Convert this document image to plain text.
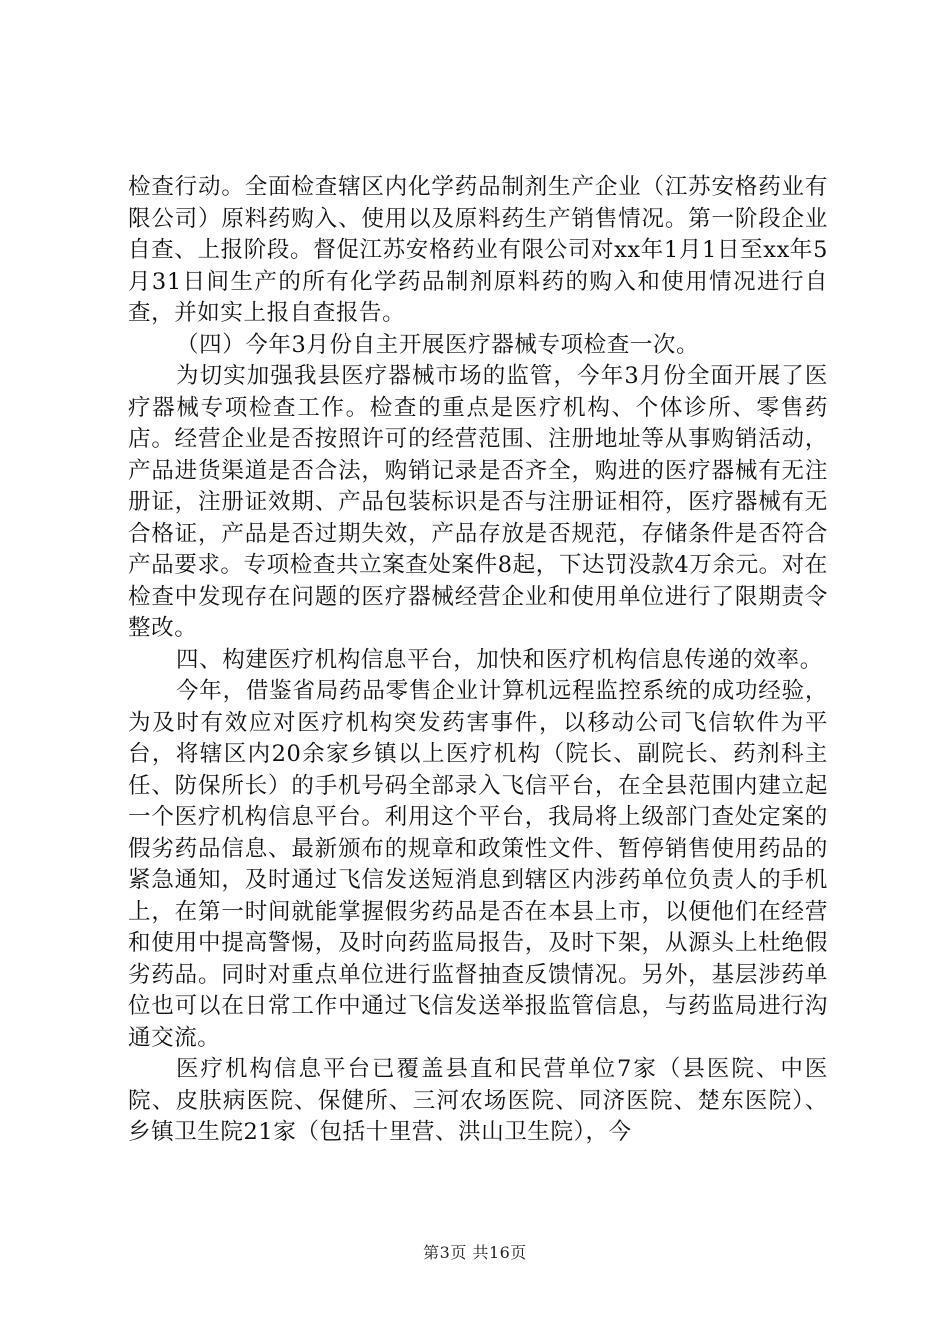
检查行动。全面检查辖区内化学药品制剂生产企业（江苏安格药业有限公司）原料药购入、使用以及原料药生产销售情况。第一阶段企业自查、上报阶段。督促江苏安格药业有限公司对xx年1月1日至xx年5月31日间生产的所有化学药品制剂原料药的购入和使用情况进行自查，并如实上报自查报告。

（四）今年3月份自主开展医疗器械专项检查一次。

为切实加强我县医疗器械市场的监管，今年3月份全面开展了医疗器械专项检查工作。检查的重点是医疗机构、个体诊所、零售药店。经营企业是否按照许可的经营范围、注册地址等从事购销活动，产品进货渠道是否合法，购销记录是否齐全，购进的医疗器械有无注册证，注册证效期、产品包装标识是否与注册证相符，医疗器械有无合格证，产品是否过期失效，产品存放是否规范，存储条件是否符合产品要求。专项检查共立案查处案件8起，下达罚没款4万余元。对在检查中发现存在问题的医疗器械经营企业和使用单位进行了限期责令整改。

四、构建医疗机构信息平台，加快和医疗机构信息传递的效率。

今年，借鉴省局药品零售企业计算机远程监控系统的成功经验，为及时有效应对医疗机构突发药害事件，以移动公司飞信软件为平台，将辖区内20余家乡镇以上医疗机构（院长、副院长、药剂科主任、防保所长）的手机号码全部录入飞信平台，在全县范围内建立起一个医疗机构信息平台。利用这个平台，我局将上级部门查处定案的假劣药品信息、最新颁布的规章和政策性文件、暂停销售使用药品的紧急通知，及时通过飞信发送短消息到辖区内涉药单位负责人的手机上，在第一时间就能掌握假劣药品是否在本县上市，以便他们在经营和使用中提高警惕，及时向药监局报告，及时下架，从源头上杜绝假劣药品。同时对重点单位进行监督抽查反馈情况。另外，基层涉药单位也可以在日常工作中通过飞信发送举报监管信息，与药监局进行沟通交流。

医疗机构信息平台已覆盖县直和民营单位7家（县医院、中医院、皮肤病医院、保健所、三河农场医院、同济医院、楚东医院）、乡镇卫生院21家（包括十里营、洪山卫生院），今

第3页 共16页
